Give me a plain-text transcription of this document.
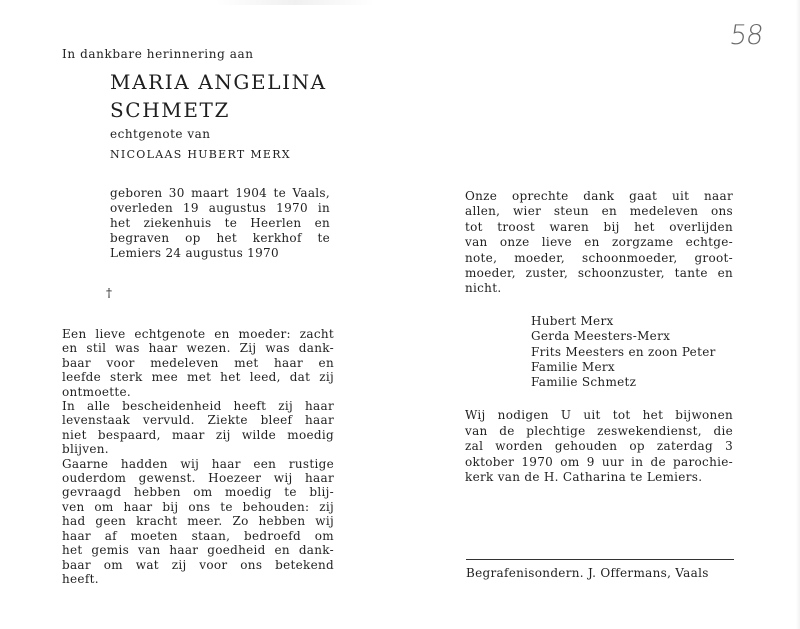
58
In dankbare herinnering aan
MARIA ANGELINA
SCHMETZ
echtgenote van
NICOLAAS HUBERT MERX
geboren 30 maart 1904 te Vaals,
overleden 19 augustus 1970 in
het ziekenhuis te Heerlen en
begraven op het kerkhof te
Lemiers 24 augustus 1970
†
Een lieve echtgenote en moeder: zacht
en stil was haar wezen. Zij was dank-
baar voor medeleven met haar en
leefde sterk mee met het leed, dat zij
ontmoette.
In alle bescheidenheid heeft zij haar
levenstaak vervuld. Ziekte bleef haar
niet bespaard, maar zij wilde moedig
blijven.
Gaarne hadden wij haar een rustige
ouderdom gewenst. Hoezeer wij haar
gevraagd hebben om moedig te blij-
ven om haar bij ons te behouden: zij
had geen kracht meer. Zo hebben wij
haar af moeten staan, bedroefd om
het gemis van haar goedheid en dank-
baar om wat zij voor ons betekend
heeft.
Onze oprechte dank gaat uit naar
allen, wier steun en medeleven ons
tot troost waren bij het overlijden
van onze lieve en zorgzame echtge-
note, moeder, schoonmoeder, groot-
moeder, zuster, schoonzuster, tante en
nicht.
Hubert Merx
Gerda Meesters-Merx
Frits Meesters en zoon Peter
Familie Merx
Familie Schmetz
Wij nodigen U uit tot het bijwonen
van de plechtige zeswekendienst, die
zal worden gehouden op zaterdag 3
oktober 1970 om 9 uur in de parochie-
kerk van de H. Catharina te Lemiers.
Begrafenisondern. J. Offermans, Vaals
